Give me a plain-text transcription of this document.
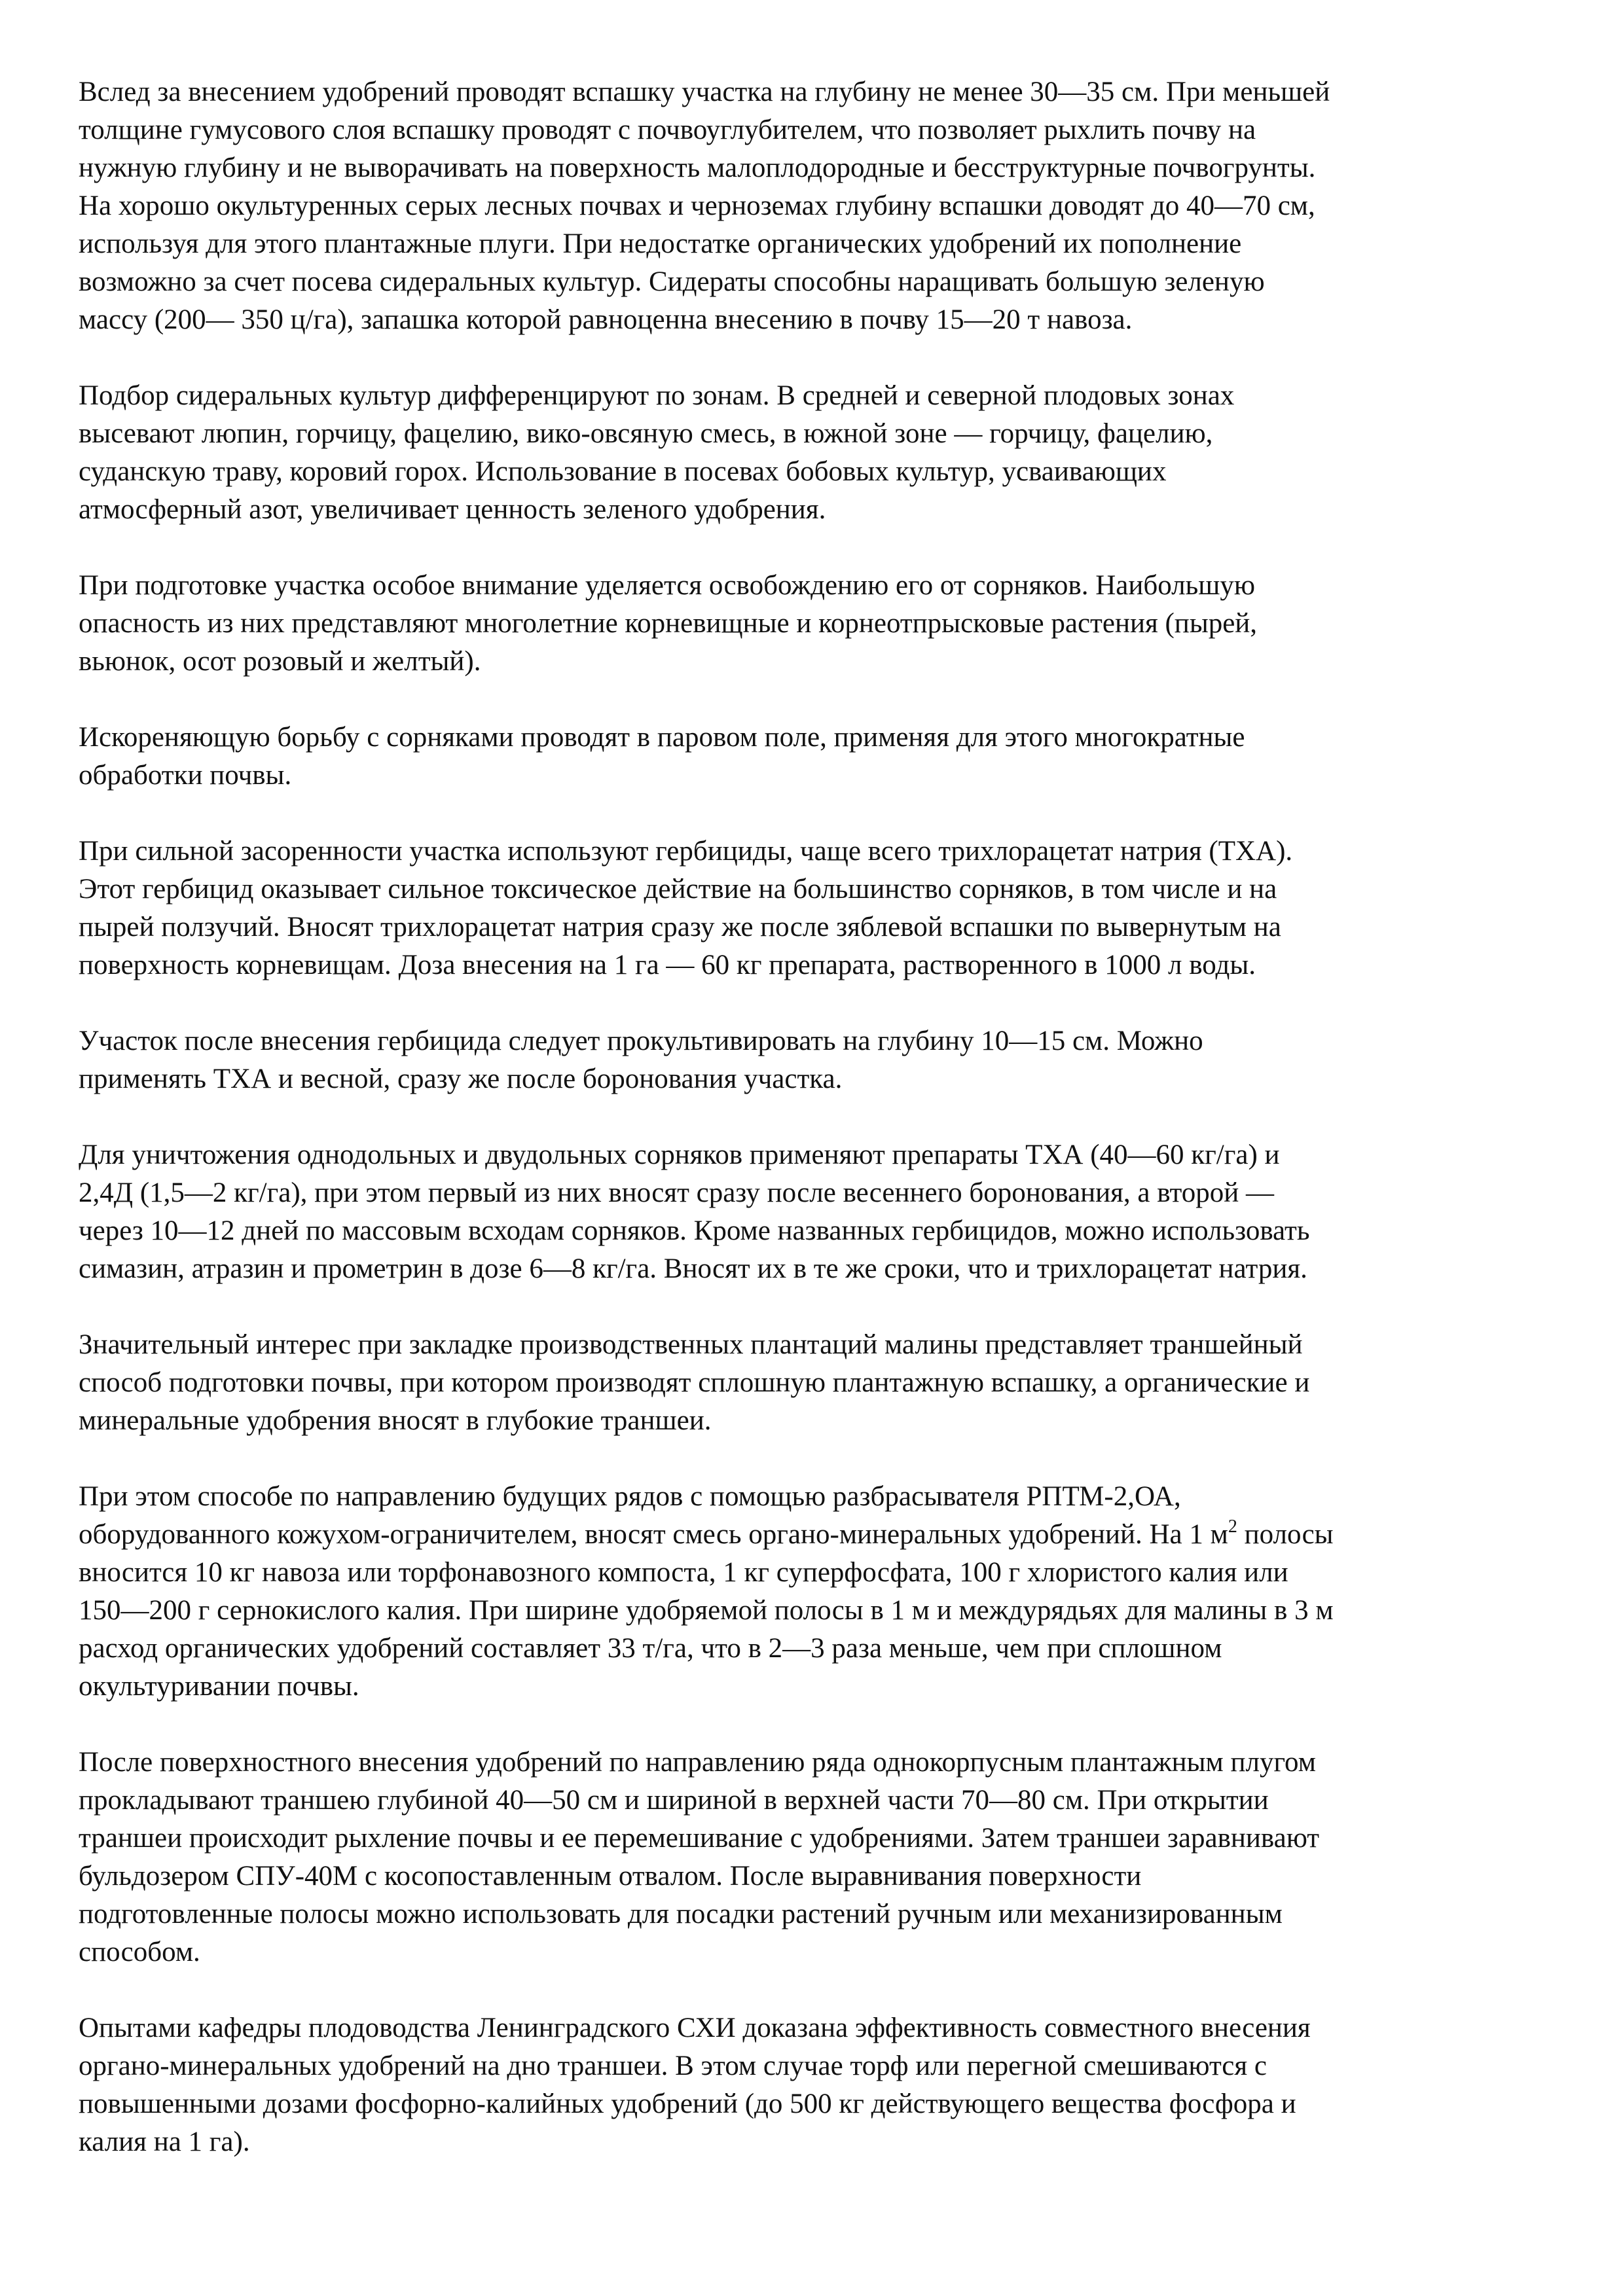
Вслед за внесением удобрений проводят вспашку участка на глубину не менее 30—35 см. При меньшей
толщине гумусового слоя вспашку проводят с почвоуглубителем, что позволяет рыхлить почву на
нужную глубину и не выворачивать на поверхность малоплодородные и бесструктурные почвогрунты.
На хорошо окультуренных серых лесных почвах и черноземах глубину вспашки доводят до 40—70 см,
используя для этого плантажные плуги. При недостатке органических удобрений их пополнение
возможно за счет посева сидеральных культур. Сидераты способны наращивать большую зеленую
массу (200— 350 ц/га), запашка которой равноценна внесению в почву 15—20 т навоза.

Подбор сидеральных культур дифференцируют по зонам. В средней и северной плодовых зонах
высевают люпин, горчицу, фацелию, вико-овсяную смесь, в южной зоне — горчицу, фацелию,
суданскую траву, коровий горох. Использование в посевах бобовых культур, усваивающих
атмосферный азот, увеличивает ценность зеленого удобрения.

При подготовке участка особое внимание уделяется освобождению его от сорняков. Наибольшую
опасность из них представляют многолетние корневищные и корнеотпрысковые растения (пырей,
вьюнок, осот розовый и желтый).

Искореняющую борьбу с сорняками проводят в паровом поле, применяя для этого многократные
обработки почвы.

При сильной засоренности участка используют гербициды, чаще всего трихлорацетат натрия (ТХА).
Этот гербицид оказывает сильное токсическое действие на большинство сорняков, в том числе и на
пырей ползучий. Вносят трихлорацетат натрия сразу же после зяблевой вспашки по вывернутым на
поверхность корневищам. Доза внесения на 1 га — 60 кг препарата, растворенного в 1000 л воды.

Участок после внесения гербицида следует прокультивировать на глубину 10—15 см. Можно
применять ТХА и весной, сразу же после боронования участка.

Для уничтожения однодольных и двудольных сорняков применяют препараты ТХА (40—60 кг/га) и
2,4Д (1,5—2 кг/га), при этом первый из них вносят сразу после весеннего боронования, а второй —
через 10—12 дней по массовым всходам сорняков. Кроме названных гербицидов, можно использовать
симазин, атразин и прометрин в дозе 6—8 кг/га. Вносят их в те же сроки, что и трихлорацетат натрия.

Значительный интерес при закладке производственных плантаций малины представляет траншейный
способ подготовки почвы, при котором производят сплошную плантажную вспашку, а органические и
минеральные удобрения вносят в глубокие траншеи.

При этом способе по направлению будущих рядов с помощью разбрасывателя РПТМ-2,ОА,
оборудованного кожухом-ограничителем, вносят смесь органо-минеральных удобрений. На 1 $м^2$ полосы
вносится 10 кг навоза или торфонавозного компоста, 1 кг суперфосфата, 100 г хлористого калия или
150—200 г сернокислого калия. При ширине удобряемой полосы в 1 м и междурядьях для малины в 3 м
расход органических удобрений составляет 33 т/га, что в 2—3 раза меньше, чем при сплошном
окультуривании почвы.

После поверхностного внесения удобрений по направлению ряда однокорпусным плантажным плугом
прокладывают траншею глубиной 40—50 см и шириной в верхней части 70—80 см. При открытии
траншеи происходит рыхление почвы и ее перемешивание с удобрениями. Затем траншеи заравнивают
бульдозером СПУ-40М с косопоставленным отвалом. После выравнивания поверхности
подготовленные полосы можно использовать для посадки растений ручным или механизированным
способом.

Опытами кафедры плодоводства Ленинградского СХИ доказана эффективность совместного внесения
органо-минеральных удобрений на дно траншеи. В этом случае торф или перегной смешиваются с
повышенными дозами фосфорно-калийных удобрений (до 500 кг действующего вещества фосфора и
калия на 1 га).
